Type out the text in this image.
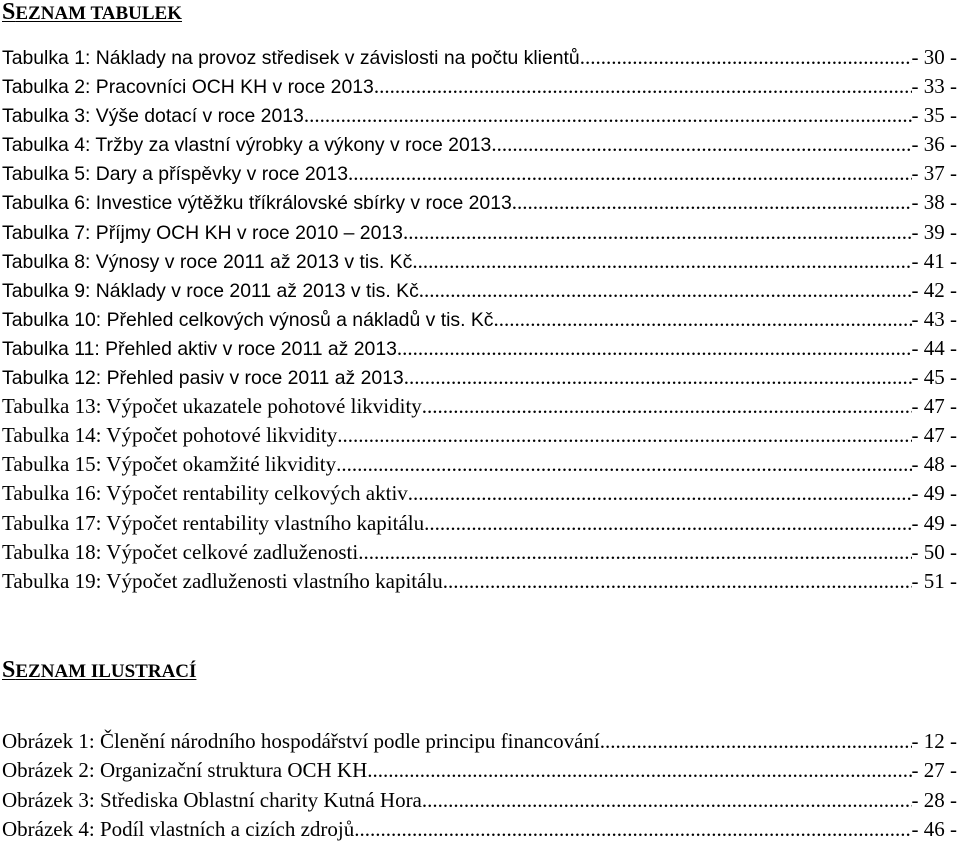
SEZNAM TABULEK
Tabulka 1: Náklady na provoz středisek v závislosti na počtu klientů .....	- 30 -
Tabulka 2: Pracovníci OCH KH v roce 2013 .....	- 33 -
Tabulka 3: Výše dotací v roce 2013 .....	- 35 -
Tabulka 4: Tržby za vlastní výrobky a výkony v roce 2013 .....	- 36 -
Tabulka 5: Dary a příspěvky v roce 2013 .....	- 37 -
Tabulka 6: Investice výtěžku tříkrálovské sbírky v roce 2013 .....	- 38 -
Tabulka 7: Příjmy OCH KH v roce 2010 – 2013 .....	- 39 -
Tabulka 8: Výnosy v roce 2011 až 2013 v tis. Kč .....	- 41 -
Tabulka 9: Náklady v roce 2011 až 2013 v tis. Kč .....	- 42 -
Tabulka 10: Přehled celkových výnosů a nákladů v tis. Kč .....	- 43 -
Tabulka 11: Přehled aktiv v roce 2011 až 2013 .....	- 44 -
Tabulka 12: Přehled pasiv v roce 2011 až 2013 .....	- 45 -
Tabulka 13: Výpočet ukazatele pohotové likvidity .....	- 47 -
Tabulka 14: Výpočet pohotové likvidity .....	- 47 -
Tabulka 15: Výpočet okamžité likvidity .....	- 48 -
Tabulka 16: Výpočet rentability celkových aktiv .....	- 49 -
Tabulka 17: Výpočet rentability vlastního kapitálu .....	- 49 -
Tabulka 18: Výpočet celkové zadluženosti .....	- 50 -
Tabulka 19: Výpočet zadluženosti vlastního kapitálu .....	- 51 -
SEZNAM ILUSTRACÍ
Obrázek 1: Členění národního hospodářství podle principu financování .....	- 12 -
Obrázek 2: Organizační struktura OCH KH .....	- 27 -
Obrázek 3: Střediska Oblastní charity Kutná Hora .....	- 28 -
Obrázek 4: Podíl vlastních a cizích zdrojů .....	- 46 -
